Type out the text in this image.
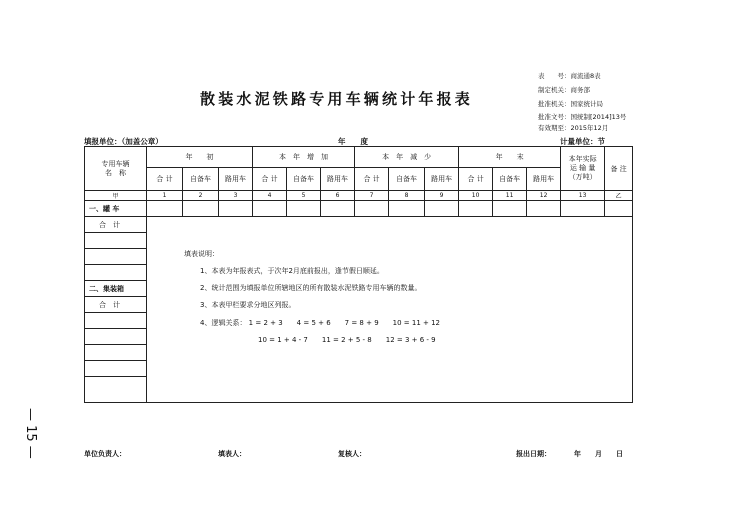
散装水泥铁路专用车辆统计年报表
表　　号：商流通8表
制定机关：商务部
批准机关：国家统计局
批准文号：国统制[2014]13号
有效期至：2015年12月
填报单位：（加盖公章）	年　　度	计量单位：节
专用车辆
名　称	年　　初			本　年　增　加			本　年　减　少			年　　末			本年实际
运 输 量
（万吨）	备 注
	合 计	自备车	路用车	合 计	自备车	路用车	合 计	自备车	路用车	合 计	自备车	路用车		
甲	1	2	3	4	5	6	7	8	9	10	11	12	13	乙
一、罐 车														
合　计														

二、集装箱														
合　计														

填表说明：
1、本表为年报表式，于次年2月底前报出，逢节假日顺延。
2、统计范围为填报单位所辖地区的所有散装水泥铁路专用车辆的数量。
3、本表甲栏要求分地区列报。
4、逻辑关系： 1 = 2 + 3　　4 = 5 + 6　　7 = 8 + 9　　10 = 11 + 12
10 = 1 + 4 - 7　　11 = 2 + 5 - 8　　12 = 3 + 6 - 9
— 15 —	单位负责人：	填表人：	复核人：	报出日期：	年　　月　　日
